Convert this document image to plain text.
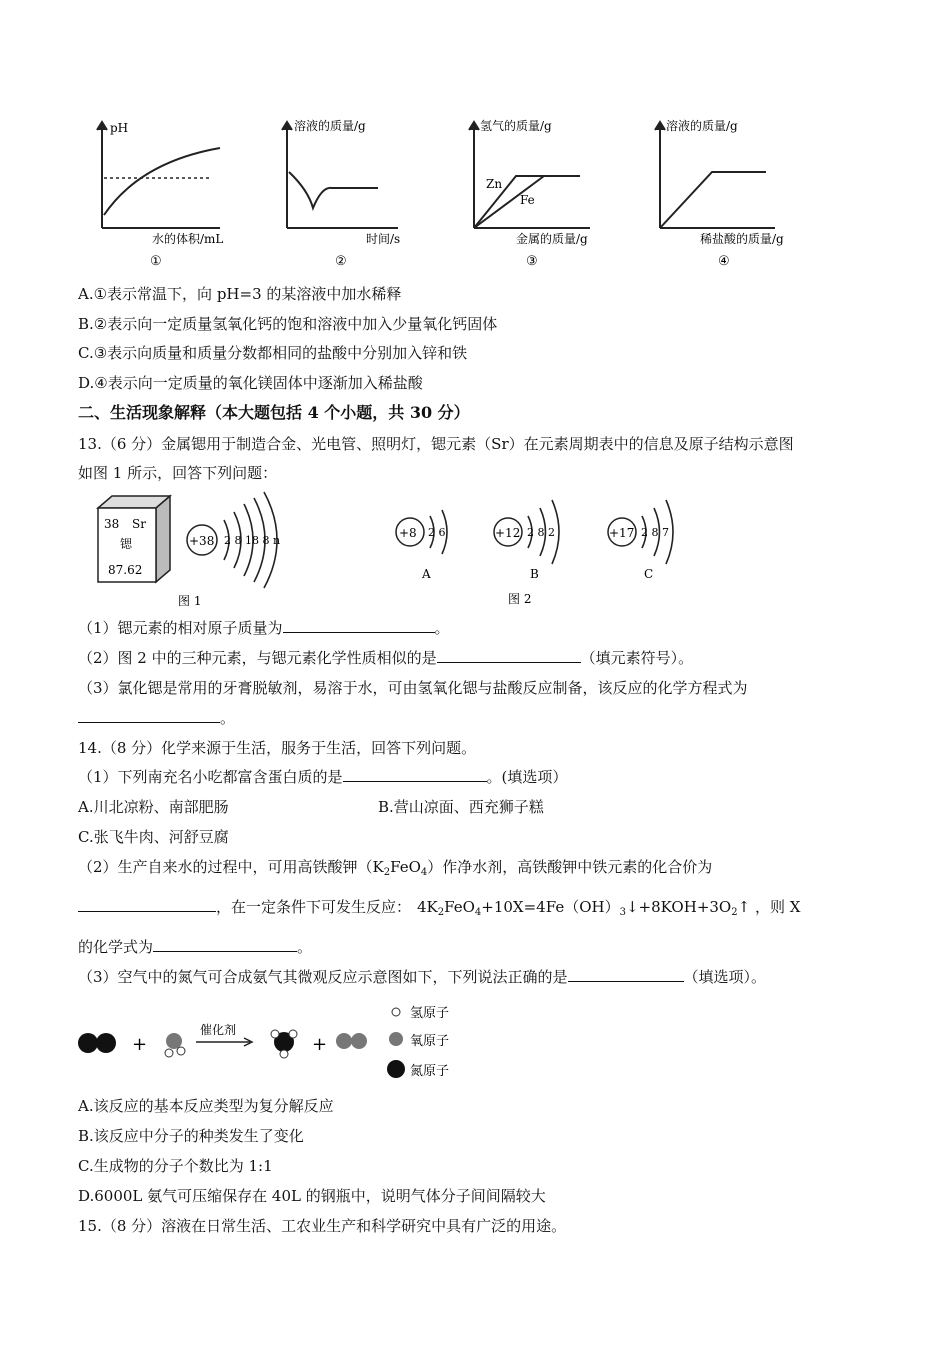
pH
水的体积/mL
①
溶液的质量/g
时间/s
②
氢气的质量/g
金属的质量/g
Zn
Fe
③
溶液的质量/g
稀盐酸的质量/g
④
A.①表示常温下，向 pH=3 的某溶液中加水稀释
B.②表示向一定质量氢氧化钙的饱和溶液中加入少量氧化钙固体
C.③表示向质量和质量分数都相同的盐酸中分别加入锌和铁
D.④表示向一定质量的氧化镁固体中逐渐加入稀盐酸
二、生活现象解释（本大题包括 4 个小题，共 30 分）
13.（6 分）金属锶用于制造合金、光电管、照明灯，锶元素（Sr）在元素周期表中的信息及原子结构示意图
如图 1 所示，回答下列问题：
38 Sr
锶
87.62
+38 2 8 18 8 n
图 1
+8 2 6
A
+12 2 8 2
B
+17 2 8 7
C
图 2
（1）锶元素的相对原子质量为	。
（2）图 2 中的三种元素，与锶元素化学性质相似的是	（填元素符号）。
（3）氯化锶是常用的牙膏脱敏剂，易溶于水，可由氢氧化锶与盐酸反应制备，该反应的化学方程式为
。
14.（8 分）化学来源于生活，服务于生活，回答下列问题。
（1）下列南充名小吃都富含蛋白质的是	。(填选项）
A.川北凉粉、南部肥肠	B.营山凉面、西充狮子糕
C.张飞牛肉、河舒豆腐
（2）生产自来水的过程中，可用高铁酸钾$(K_2FeO_4)$作净水剂，高铁酸钾中铁元素的化合价为
，在一定条件下可发生反应： $4K_2FeO_4+10X=4Fe(OH)_3↓+8KOH+3O_2↑$ ，则 X
的化学式为	。
（3）空气中的氮气可合成氨气其微观反应示意图如下，下列说法正确的是	（填选项）。
+
催化剂
+
氢原子
氧原子
氮原子
A.该反应的基本反应类型为复分解反应
B.该反应中分子的种类发生了变化
C.生成物的分子个数比为 1:1
D.6000L 氨气可压缩保存在 40L 的钢瓶中，说明气体分子间间隔较大
15.（8 分）溶液在日常生活、工农业生产和科学研究中具有广泛的用途。
